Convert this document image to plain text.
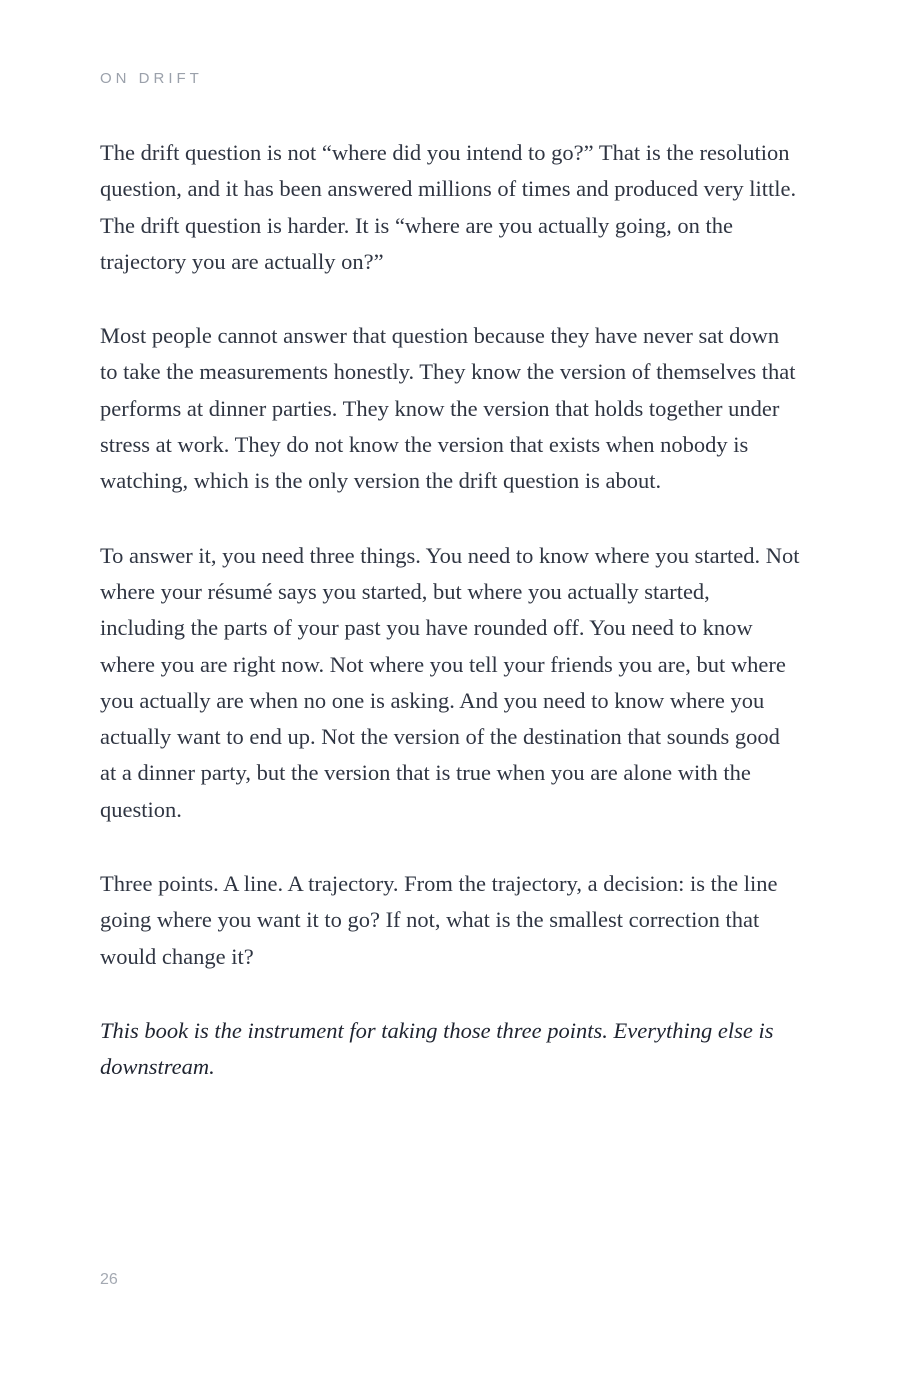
ON DRIFT

The drift question is not “where did you intend to go?” That is the resolution question, and it has been answered millions of times and produced very little. The drift question is harder. It is “where are you actually going, on the trajectory you are actually on?”

Most people cannot answer that question because they have never sat down to take the measurements honestly. They know the version of themselves that performs at dinner parties. They know the version that holds together under stress at work. They do not know the version that exists when nobody is watching, which is the only version the drift question is about.

To answer it, you need three things. You need to know where you started. Not where your résumé says you started, but where you actually started, including the parts of your past you have rounded off. You need to know where you are right now. Not where you tell your friends you are, but where you actually are when no one is asking. And you need to know where you actually want to end up. Not the version of the destination that sounds good at a dinner party, but the version that is true when you are alone with the question.

Three points. A line. A trajectory. From the trajectory, a decision: is the line going where you want it to go? If not, what is the smallest correction that would change it?

This book is the instrument for taking those three points. Everything else is downstream.

26
